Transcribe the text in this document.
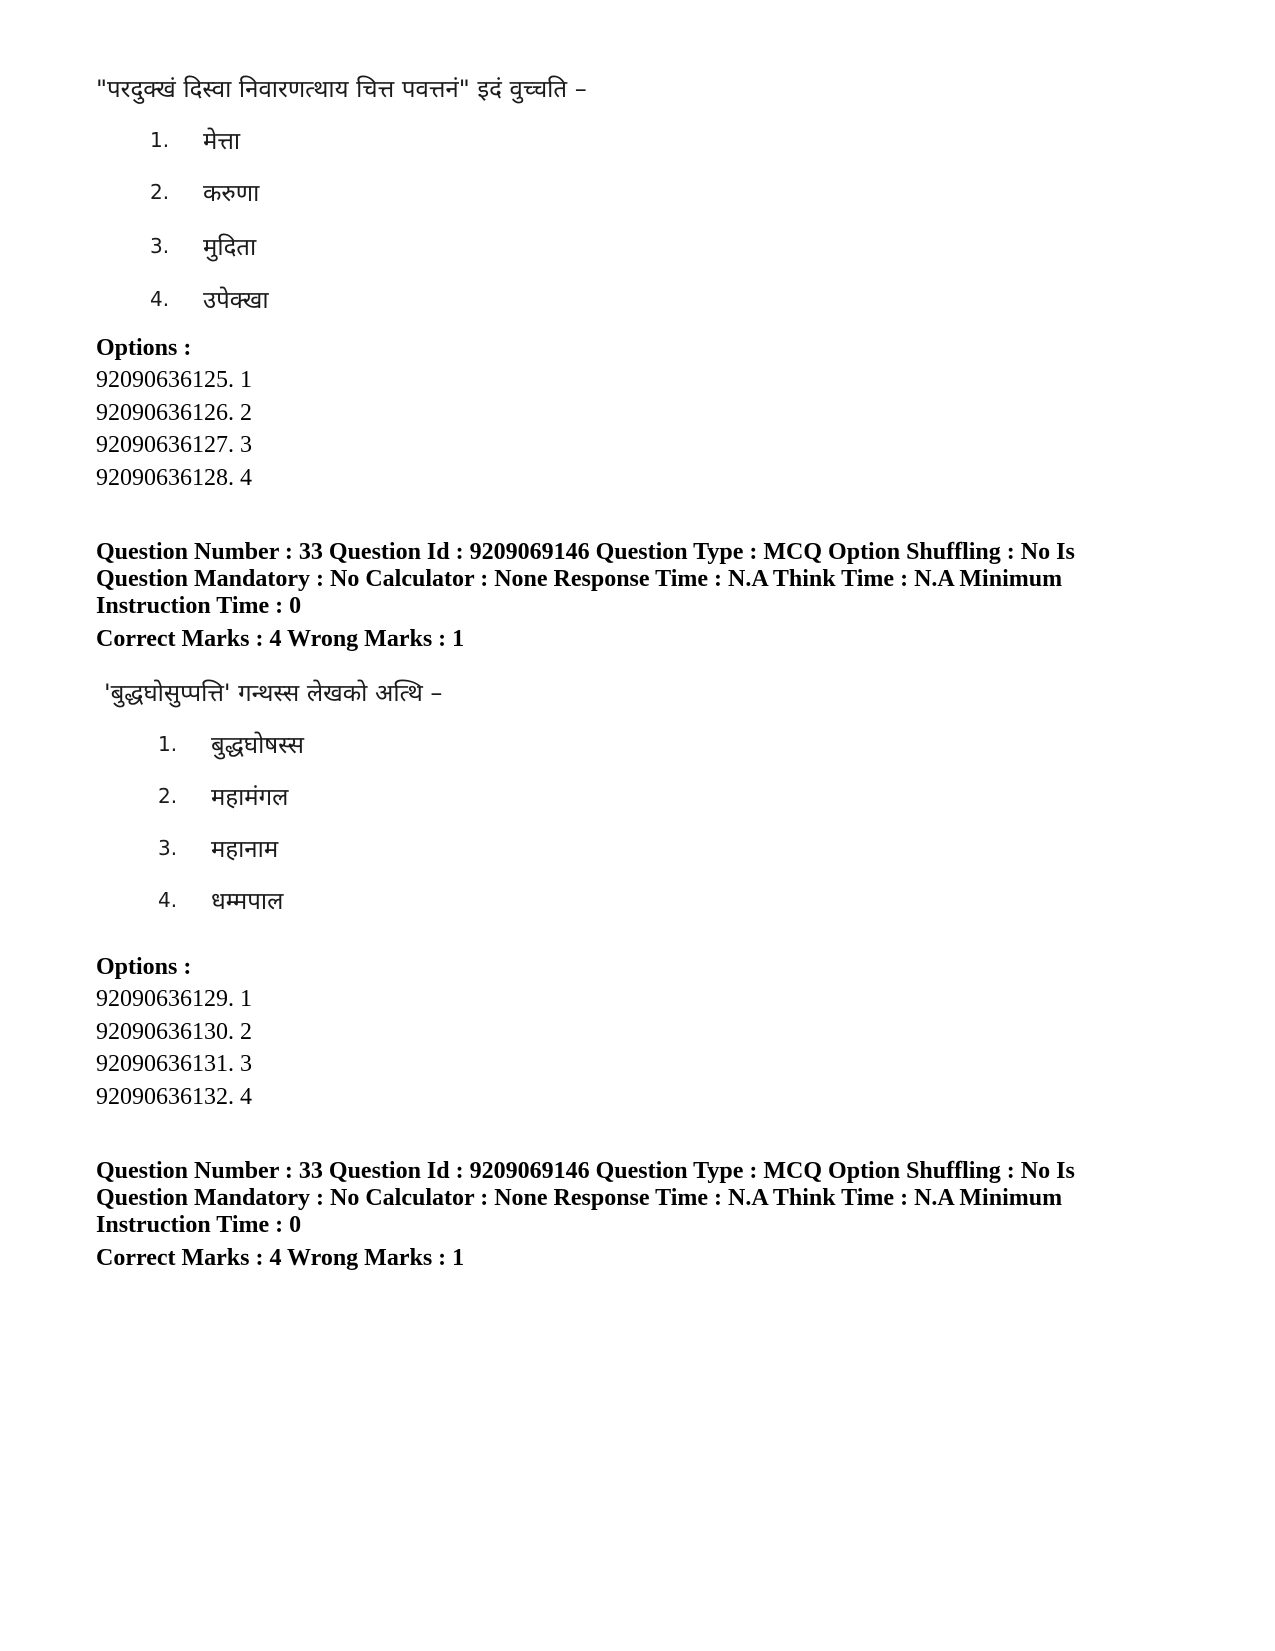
"परदुक्खं दिस्वा निवारणत्थाय चित्त पवत्तनं" इदं वुच्चति –
1. मेत्ता
2. करुणा
3. मुदिता
4. उपेक्खा
Options :
92090636125. 1
92090636126. 2
92090636127. 3
92090636128. 4
Question Number : 33 Question Id : 9209069146 Question Type : MCQ Option Shuffling : No Is
Question Mandatory : No Calculator : None Response Time : N.A Think Time : N.A Minimum
Instruction Time : 0
Correct Marks : 4 Wrong Marks : 1
'बुद्धघोसुप्पत्ति' गन्थस्स लेखको अत्थि –
1. बुद्धघोषस्स
2. महामंगल
3. महानाम
4. धम्मपाल
Options :
92090636129. 1
92090636130. 2
92090636131. 3
92090636132. 4
Question Number : 33 Question Id : 9209069146 Question Type : MCQ Option Shuffling : No Is
Question Mandatory : No Calculator : None Response Time : N.A Think Time : N.A Minimum
Instruction Time : 0
Correct Marks : 4 Wrong Marks : 1
